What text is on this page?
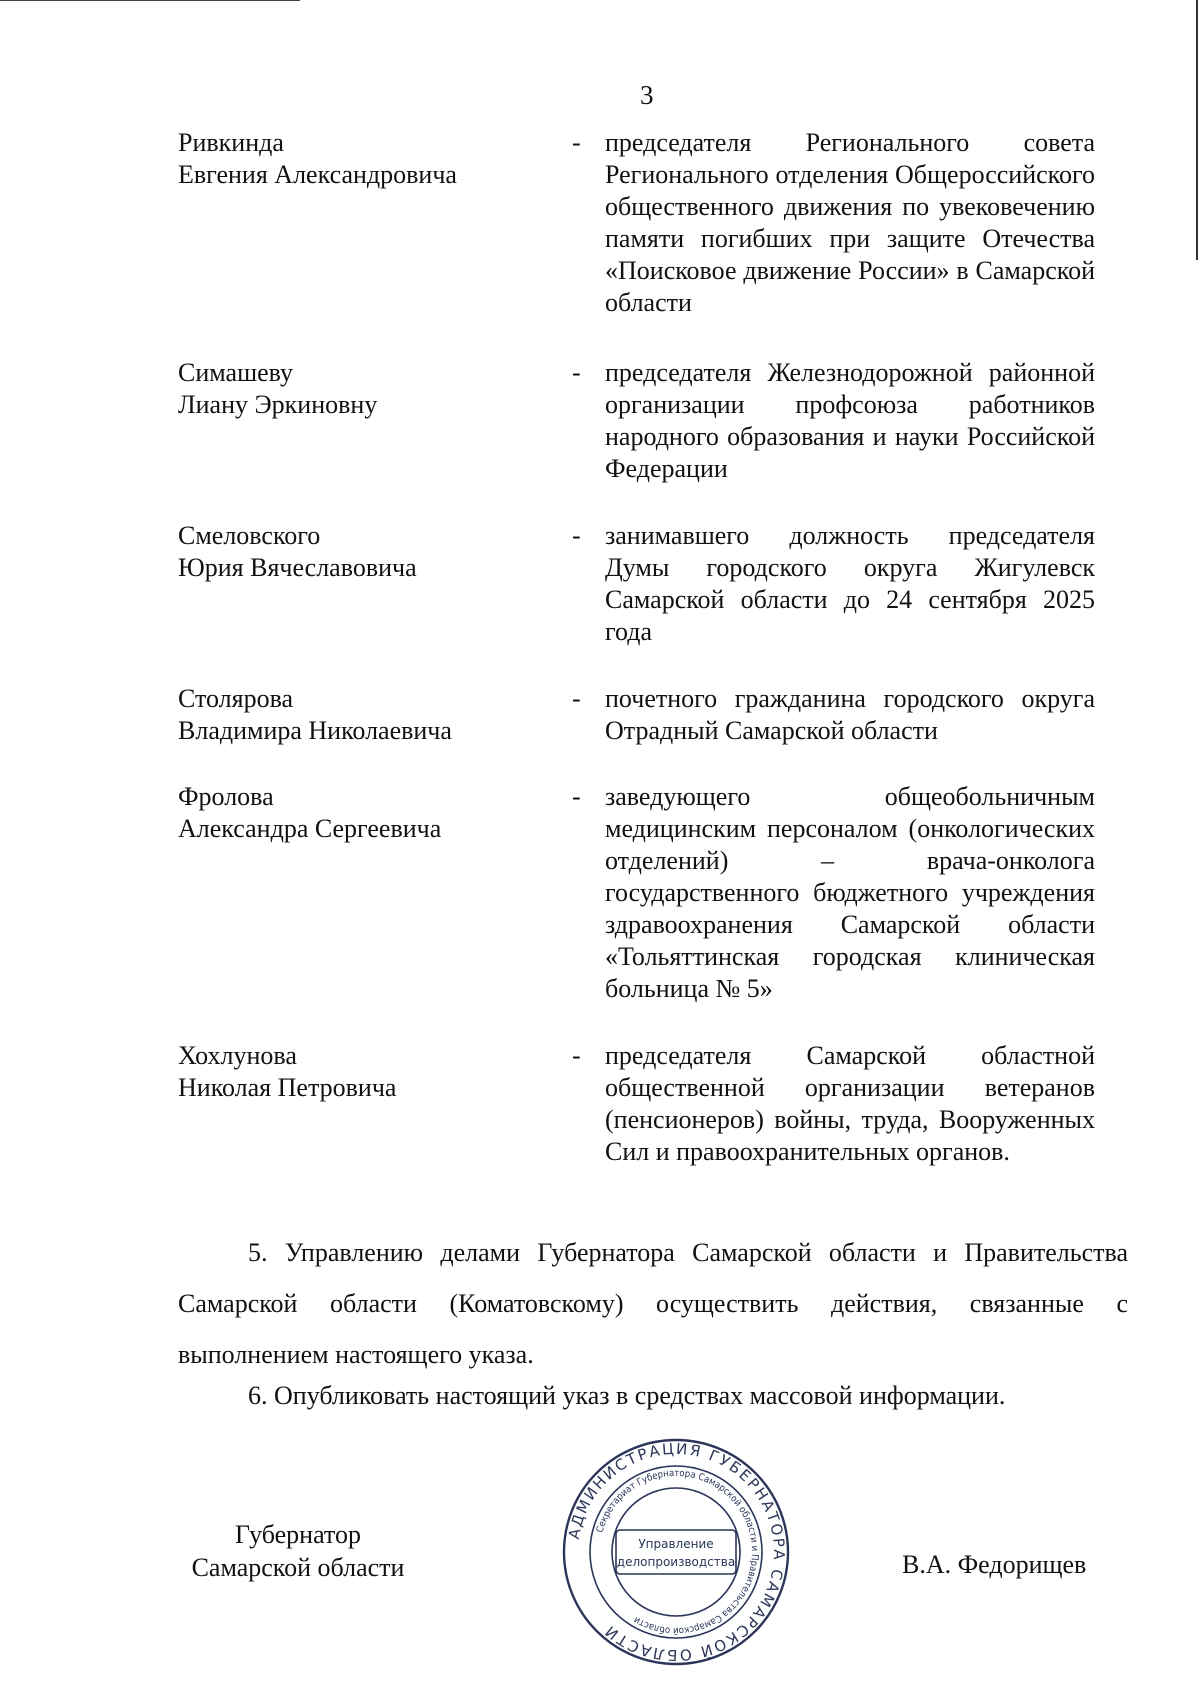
3
Ривкинда
Евгения Александровича
- председателя Регионального совета Регионального отделения Общероссийского общественного движения по увековечению памяти погибших при защите Отечества «Поисковое движение России» в Самарской области
Симашеву
Лиану Эркиновну
- председателя Железнодорожной районной организации профсоюза работников народного образования и науки Российской Федерации
Смеловского
Юрия Вячеславовича
- занимавшего должность председателя Думы городского округа Жигулевск Самарской области до 24 сентября 2025 года
Столярова
Владимира Николаевича
- почетного гражданина городского округа Отрадный Самарской области
Фролова
Александра Сергеевича
- заведующего общеобольничным медицинским персоналом (онкологических отделений) – врача-онколога государственного бюджетного учреждения здравоохранения Самарской области «Тольяттинская городская клиническая больница № 5»
Хохлунова
Николая Петровича
- председателя Самарской областной общественной организации ветеранов (пенсионеров) войны, труда, Вооруженных Сил и правоохранительных органов.
5. Управлению делами Губернатора Самарской области и Правительства Самарской области (Коматовскому) осуществить действия, связанные с выполнением настоящего указа.
6. Опубликовать настоящий указ в средствах массовой информации.
Губернатор
Самарской области
АДМИНИСТРАЦИЯ ГУБЕРНАТОРА САМАРСКОЙ ОБЛАСТИ
Секретариат Губернатора Самарской области и Правительства Самарской области
Управление
делопроизводства	В.А. Федорищев
